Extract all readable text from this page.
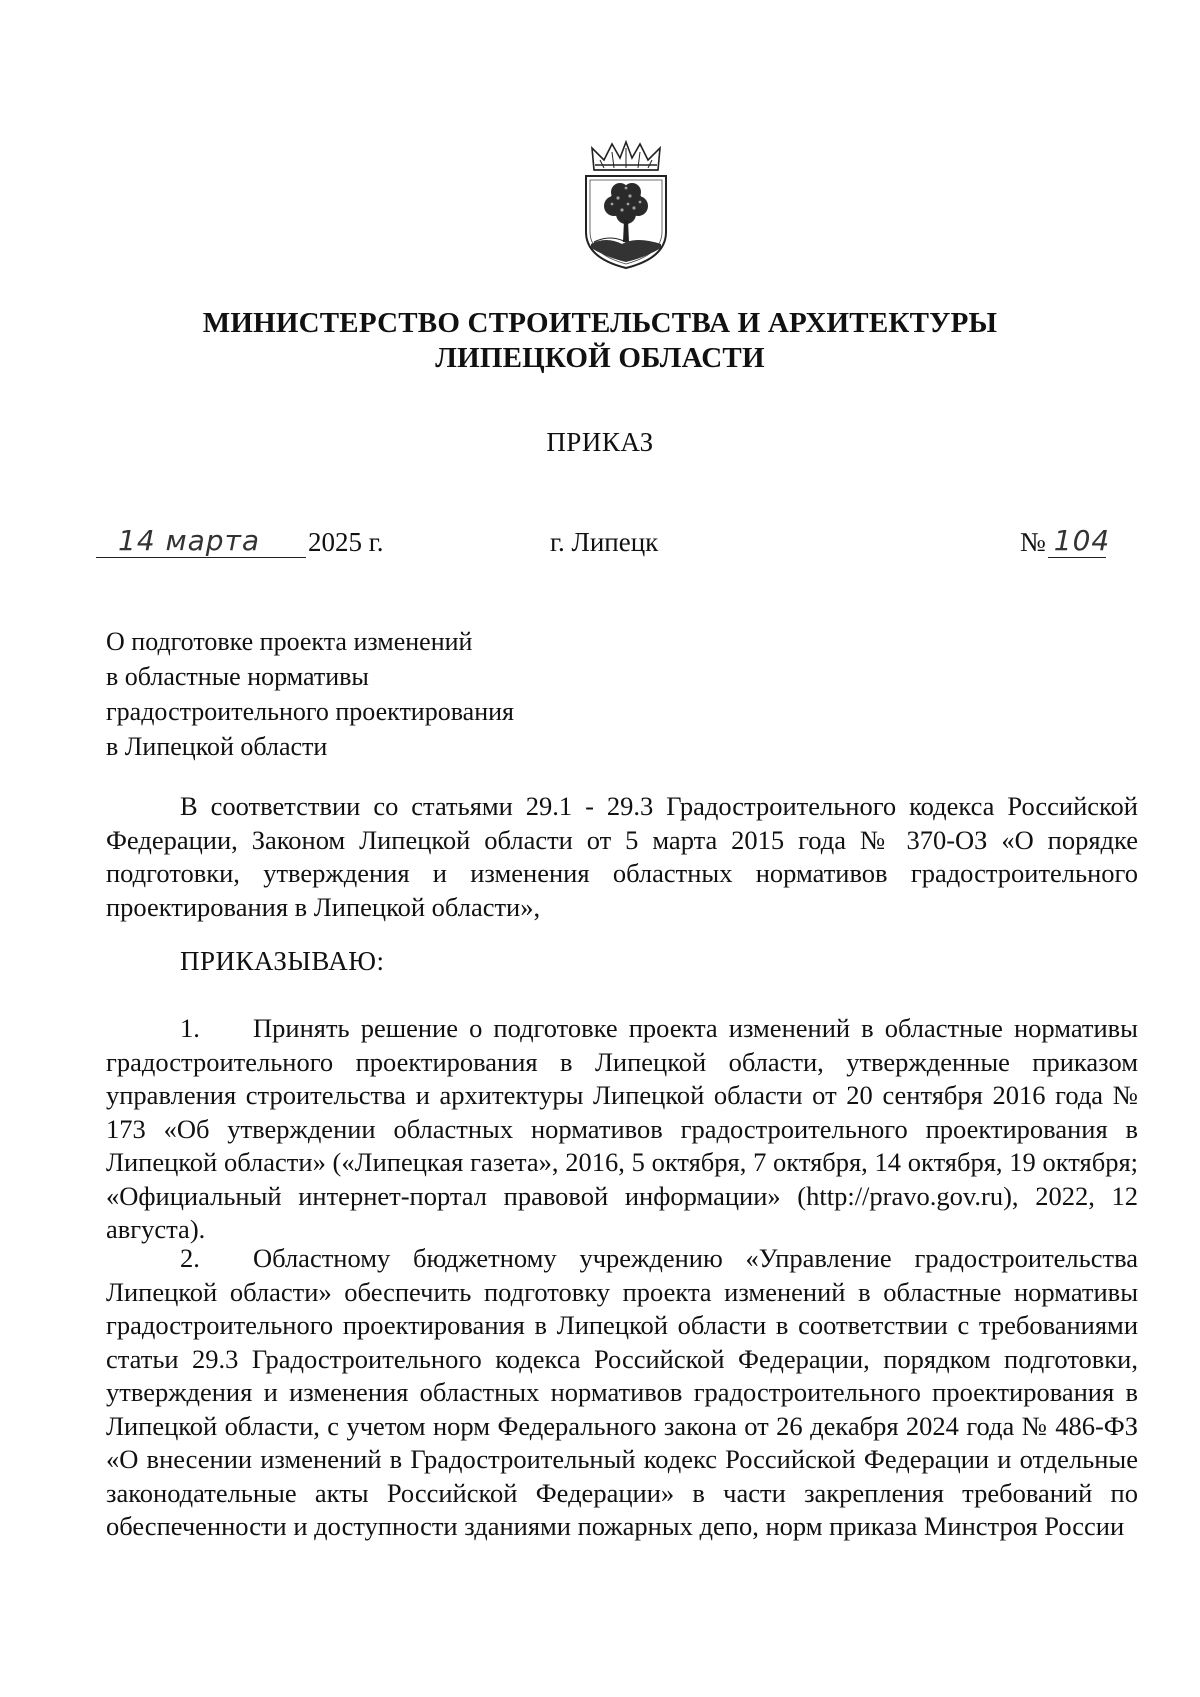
МИНИСТЕРСТВО СТРОИТЕЛЬСТВА И АРХИТЕКТУРЫ
ЛИПЕЦКОЙ ОБЛАСТИ
ПРИКАЗ
14 марта 2025 г.	г. Липецк	№ 104
О подготовке проекта изменений
в областные нормативы
градостроительного проектирования
в Липецкой области
В соответствии со статьями 29.1 - 29.3 Градостроительного кодекса Российской Федерации, Законом Липецкой области от 5 марта 2015 года № 370-ОЗ «О порядке подготовки, утверждения и изменения областных нормативов градостроительного проектирования в Липецкой области»,
ПРИКАЗЫВАЮ:
1. Принять решение о подготовке проекта изменений в областные нормативы градостроительного проектирования в Липецкой области, утвержденные приказом управления строительства и архитектуры Липецкой области от 20 сентября 2016 года № 173 «Об утверждении областных нормативов градостроительного проектирования в Липецкой области» («Липецкая газета», 2016, 5 октября, 7 октября, 14 октября, 19 октября; «Официальный интернет-портал правовой информации» (http://pravo.gov.ru), 2022, 12 августа).
2. Областному бюджетному учреждению «Управление градостроительства Липецкой области» обеспечить подготовку проекта изменений в областные нормативы градостроительного проектирования в Липецкой области в соответствии с требованиями статьи 29.3 Градостроительного кодекса Российской Федерации, порядком подготовки, утверждения и изменения областных нормативов градостроительного проектирования в Липецкой области, с учетом норм Федерального закона от 26 декабря 2024 года № 486-ФЗ «О внесении изменений в Градостроительный кодекс Российской Федерации и отдельные законодательные акты Российской Федерации» в части закрепления требований по обеспеченности и доступности зданиями пожарных депо, норм приказа Минстроя России
